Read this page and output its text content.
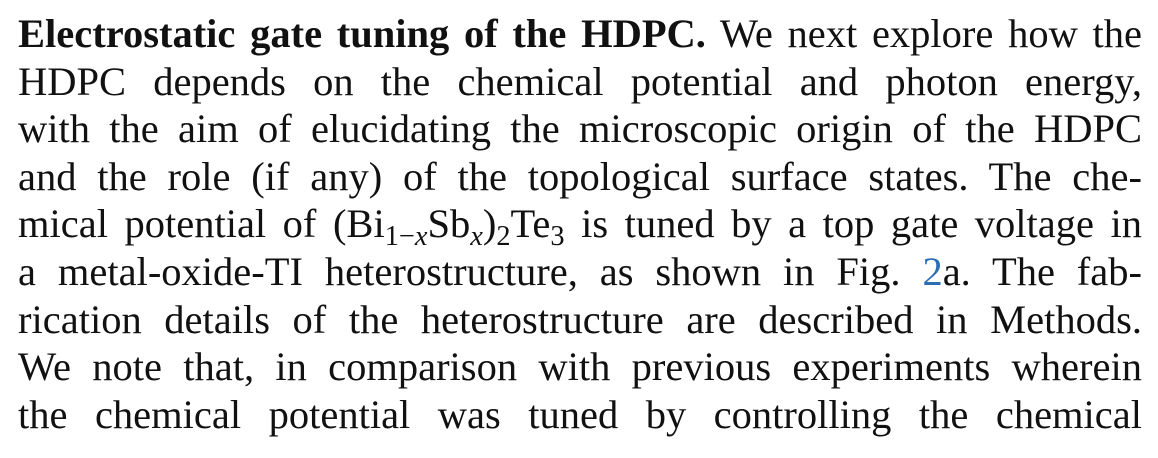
Electrostatic gate tuning of the HDPC. We next explore how the
HDPC depends on the chemical potential and photon energy,
with the aim of elucidating the microscopic origin of the HDPC
and the role (if any) of the topological surface states. The che-
mical potential of $(Bi_{1-x}Sb_x)_2Te_3$ is tuned by a top gate voltage in
a metal-oxide-TI heterostructure, as shown in Fig. 2a. The fab-
rication details of the heterostructure are described in Methods.
We note that, in comparison with previous experiments wherein
the chemical potential was tuned by controlling the chemical
